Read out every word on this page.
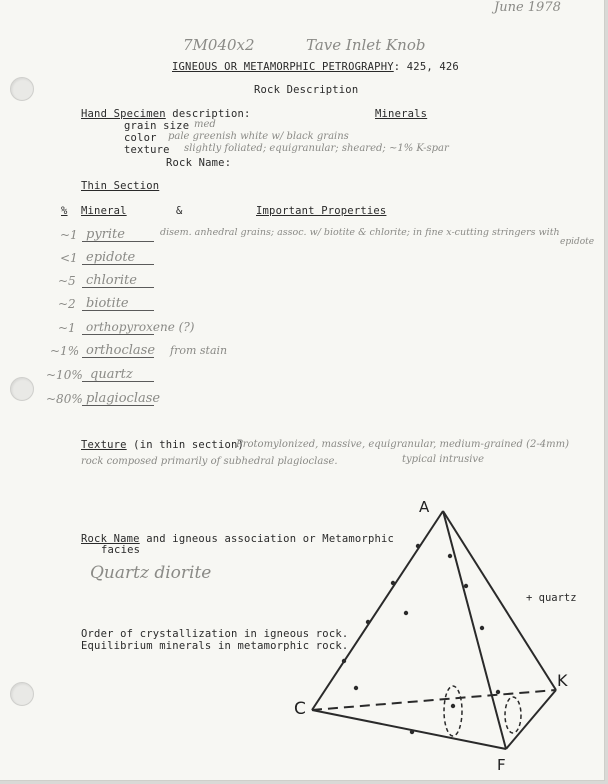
June 1978
7M040x2	Tave Inlet Knob
IGNEOUS OR METAMORPHIC PETROGRAPHY: 425, 426
Rock Description
Hand Specimen description:	Minerals
grain size med
color pale greenish white w/ black grains
texture slightly foliated; equigranular; sheared; ~1% K-spar
Rock Name:
Thin Section
% Mineral	&	Important Properties
~1 pyrite	disem. anhedral grains; assoc. w/ biotite & chlorite; in fine x-cutting stringers with
epidote
<1 epidote
~5 chlorite
~2 biotite
~1 orthopyroxene (?)
~1% orthoclase from stain
~10% quartz
~80% plagioclase
Texture (in thin section)
Protomylonized, massive, equigranular, medium-grained (2-4mm)
rock composed primarily of subhedral plagioclase.	typical intrusive
Rock Name and igneous association or Metamorphic
facies
Quartz diorite
Order of crystallization in igneous rock.
Equilibrium minerals in metamorphic rock.
A
C
K
F
+ quartz
